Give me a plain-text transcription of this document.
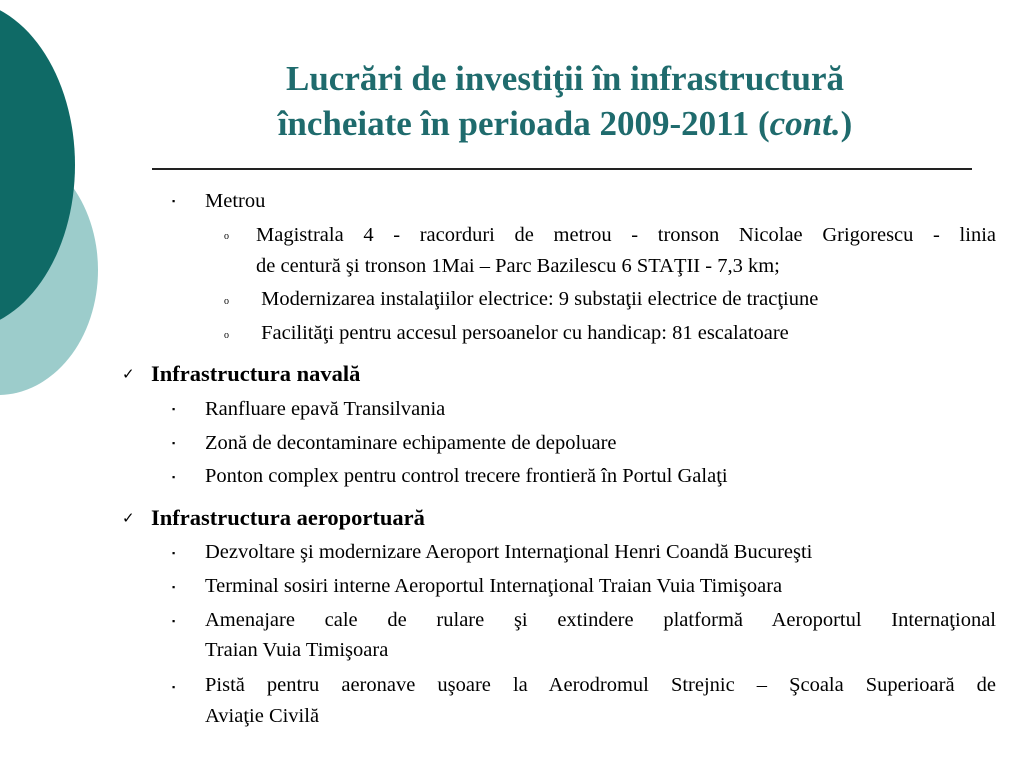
Lucrări de investiţii în infrastructură
încheiate în perioada 2009-2011 (cont.)
▪ Metrou
o Magistrala 4 - racorduri de metrou - tronson Nicolae Grigorescu - linia
de centură şi tronson 1Mai – Parc Bazilescu 6 STAŢII - 7,3 km;
o Modernizarea instalaţiilor electrice: 9 substaţii electrice de tracţiune
o Facilităţi pentru accesul persoanelor cu handicap: 81 escalatoare
✓ Infrastructura navală
▪ Ranfluare epavă Transilvania
▪ Zonă de decontaminare echipamente de depoluare
▪ Ponton complex pentru control trecere frontieră în Portul Galaţi
✓ Infrastructura aeroportuară
▪ Dezvoltare şi modernizare Aeroport Internaţional Henri Coandă Bucureşti
▪ Terminal sosiri interne Aeroportul Internaţional Traian Vuia Timişoara
▪ Amenajare cale de rulare şi extindere platformă Aeroportul Internaţional
Traian Vuia Timişoara
▪ Pistă pentru aeronave uşoare la Aerodromul Strejnic – Şcoala Superioară de
Aviaţie Civilă
